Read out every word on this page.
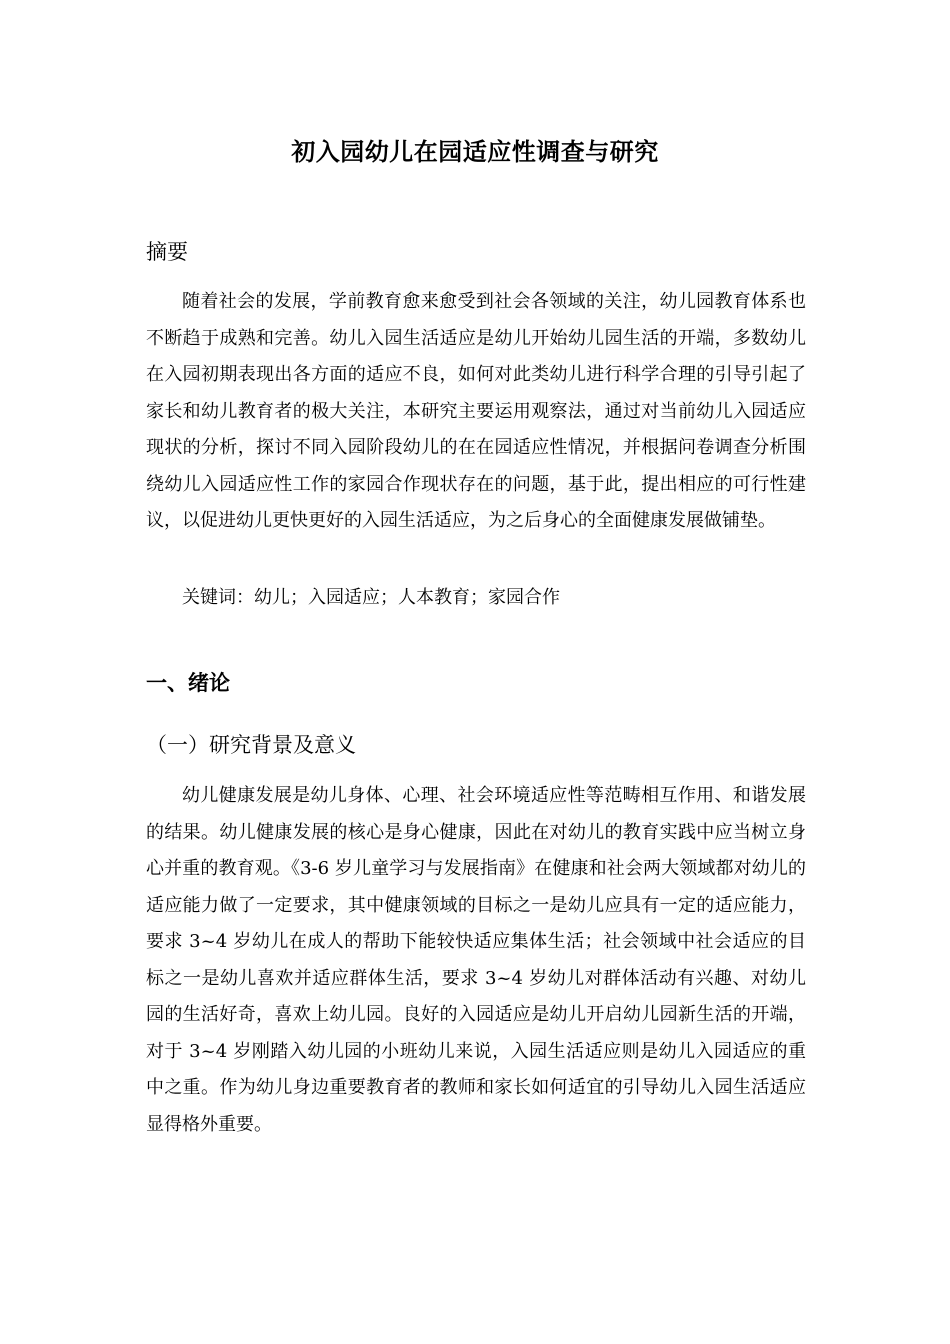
初入园幼儿在园适应性调查与研究
摘要

随着社会的发展，学前教育愈来愈受到社会各领域的关注，幼儿园教育体系也不断趋于成熟和完善。幼儿入园生活适应是幼儿开始幼儿园生活的开端，多数幼儿在入园初期表现出各方面的适应不良，如何对此类幼儿进行科学合理的引导引起了家长和幼儿教育者的极大关注，本研究主要运用观察法，通过对当前幼儿入园适应现状的分析，探讨不同入园阶段幼儿的在在园适应性情况，并根据问卷调查分析围绕幼儿入园适应性工作的家园合作现状存在的问题，基于此，提出相应的可行性建议，以促进幼儿更快更好的入园生活适应，为之后身心的全面健康发展做铺垫。

关键词：幼儿；入园适应；人本教育；家园合作

一、绪论
（一）研究背景及意义

幼儿健康发展是幼儿身体、心理、社会环境适应性等范畴相互作用、和谐发展的结果。幼儿健康发展的核心是身心健康，因此在对幼儿的教育实践中应当树立身心并重的教育观。《3-6 岁儿童学习与发展指南》在健康和社会两大领域都对幼儿的适应能力做了一定要求，其中健康领域的目标之一是幼儿应具有一定的适应能力，要求 3~4 岁幼儿在成人的帮助下能较快适应集体生活；社会领域中社会适应的目标之一是幼儿喜欢并适应群体生活，要求 3~4 岁幼儿对群体活动有兴趣、对幼儿园的生活好奇，喜欢上幼儿园。良好的入园适应是幼儿开启幼儿园新生活的开端，对于 3~4 岁刚踏入幼儿园的小班幼儿来说，入园生活适应则是幼儿入园适应的重中之重。作为幼儿身边重要教育者的教师和家长如何适宜的引导幼儿入园生活适应显得格外重要。
